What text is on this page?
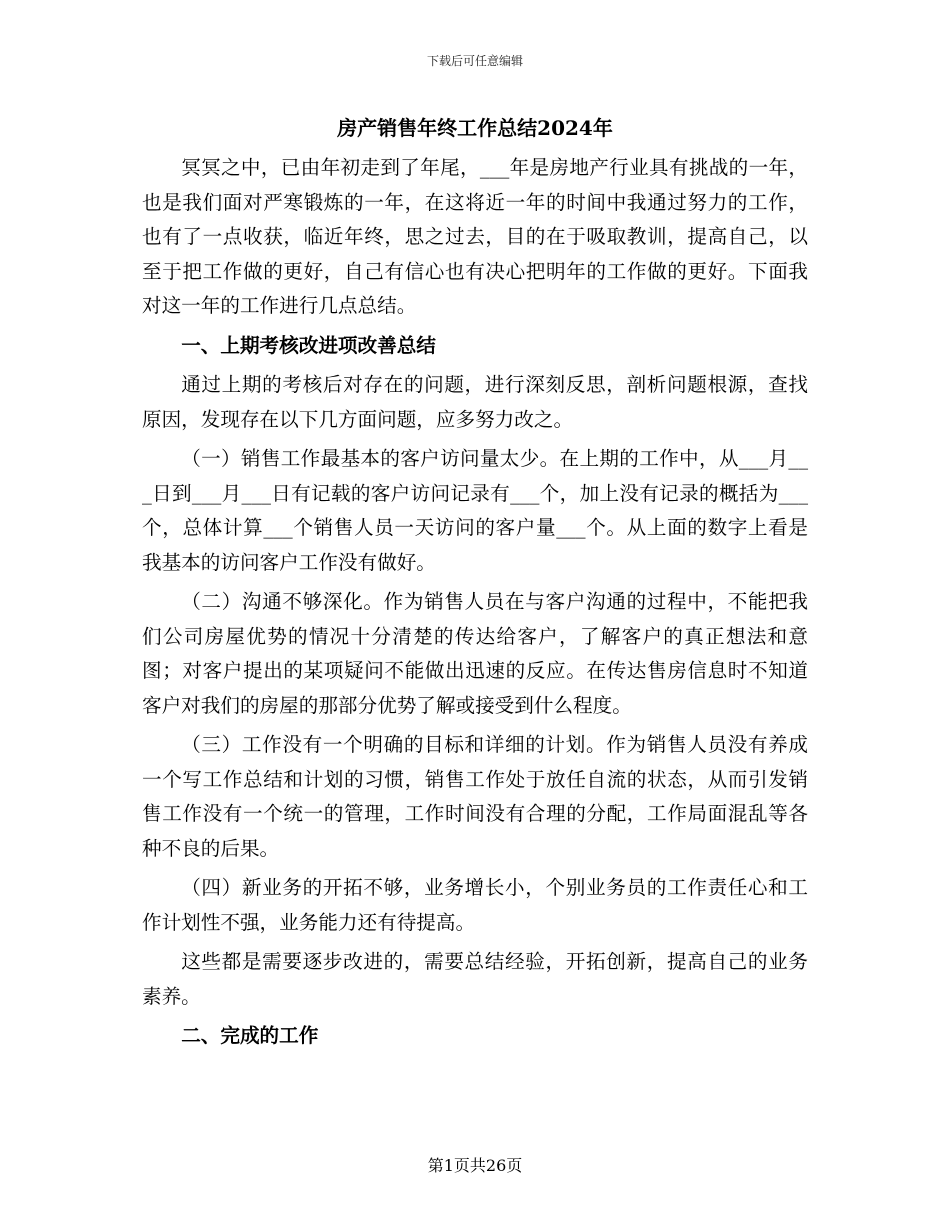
下载后可任意编辑
房产销售年终工作总结2024年

冥冥之中，已由年初走到了年尾，___年是房地产行业具有挑战的一年，也是我们面对严寒锻炼的一年，在这将近一年的时间中我通过努力的工作，也有了一点收获，临近年终，思之过去，目的在于吸取教训，提高自己，以至于把工作做的更好，自己有信心也有决心把明年的工作做的更好。下面我对这一年的工作进行几点总结。

一、上期考核改进项改善总结

通过上期的考核后对存在的问题，进行深刻反思，剖析问题根源，查找原因，发现存在以下几方面问题，应多努力改之。

（一）销售工作最基本的客户访问量太少。在上期的工作中，从___月___日到___月___日有记载的客户访问记录有___个，加上没有记录的概括为___个，总体计算___个销售人员一天访问的客户量___个。从上面的数字上看是我基本的访问客户工作没有做好。

（二）沟通不够深化。作为销售人员在与客户沟通的过程中，不能把我们公司房屋优势的情况十分清楚的传达给客户，了解客户的真正想法和意图；对客户提出的某项疑问不能做出迅速的反应。在传达售房信息时不知道客户对我们的房屋的那部分优势了解或接受到什么程度。

（三）工作没有一个明确的目标和详细的计划。作为销售人员没有养成一个写工作总结和计划的习惯，销售工作处于放任自流的状态，从而引发销售工作没有一个统一的管理，工作时间没有合理的分配，工作局面混乱等各种不良的后果。

（四）新业务的开拓不够，业务增长小，个别业务员的工作责任心和工作计划性不强，业务能力还有待提高。

这些都是需要逐步改进的，需要总结经验，开拓创新，提高自己的业务素养。

二、完成的工作

第1页共26页
